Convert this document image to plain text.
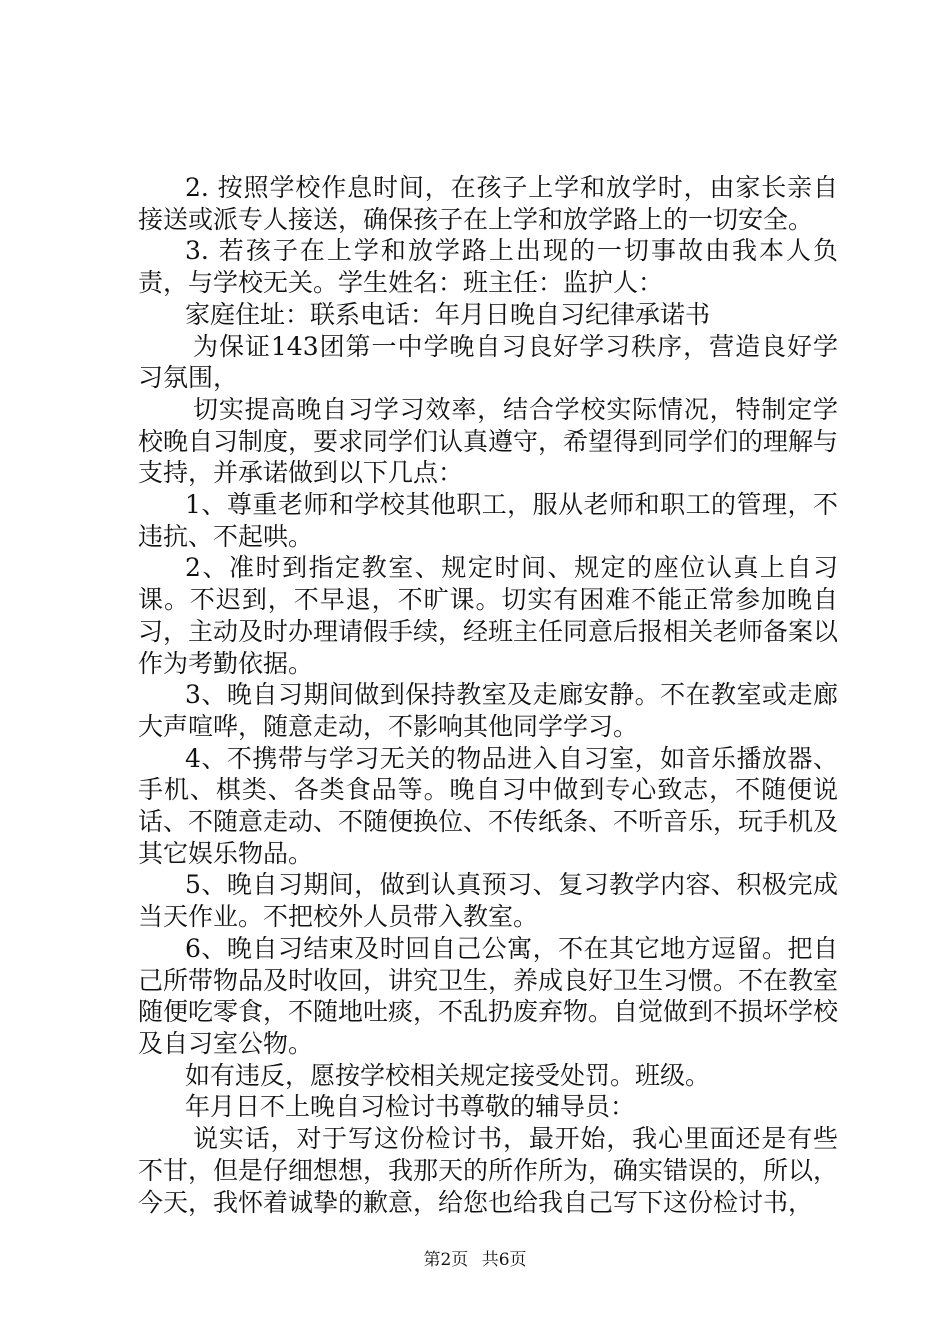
2. 按照学校作息时间，在孩子上学和放学时，由家长亲自接送或派专人接送，确保孩子在上学和放学路上的一切安全。

3. 若孩子在上学和放学路上出现的一切事故由我本人负责，与学校无关。学生姓名：班主任：监护人：

家庭住址：联系电话：年月日晚自习纪律承诺书

为保证143团第一中学晚自习良好学习秩序，营造良好学习氛围，

切实提高晚自习学习效率，结合学校实际情况，特制定学校晚自习制度，要求同学们认真遵守，希望得到同学们的理解与支持，并承诺做到以下几点：

1、尊重老师和学校其他职工，服从老师和职工的管理，不违抗、不起哄。

2、准时到指定教室、规定时间、规定的座位认真上自习课。不迟到，不早退，不旷课。切实有困难不能正常参加晚自习，主动及时办理请假手续，经班主任同意后报相关老师备案以作为考勤依据。

3、晚自习期间做到保持教室及走廊安静。不在教室或走廊大声喧哗，随意走动，不影响其他同学学习。

4、不携带与学习无关的物品进入自习室，如音乐播放器、手机、棋类、各类食品等。晚自习中做到专心致志，不随便说话、不随意走动、不随便换位、不传纸条、不听音乐，玩手机及其它娱乐物品。

5、晚自习期间，做到认真预习、复习教学内容、积极完成当天作业。不把校外人员带入教室。

6、晚自习结束及时回自己公寓，不在其它地方逗留。把自己所带物品及时收回，讲究卫生，养成良好卫生习惯。不在教室随便吃零食，不随地吐痰，不乱扔废弃物。自觉做到不损坏学校及自习室公物。

如有违反，愿按学校相关规定接受处罚。班级。

年月日不上晚自习检讨书尊敬的辅导员：

说实话，对于写这份检讨书，最开始，我心里面还是有些不甘，但是仔细想想，我那天的所作所为，确实错误的，所以，今天，我怀着诚挚的歉意，给您也给我自己写下这份检讨书，

第2页 共6页
